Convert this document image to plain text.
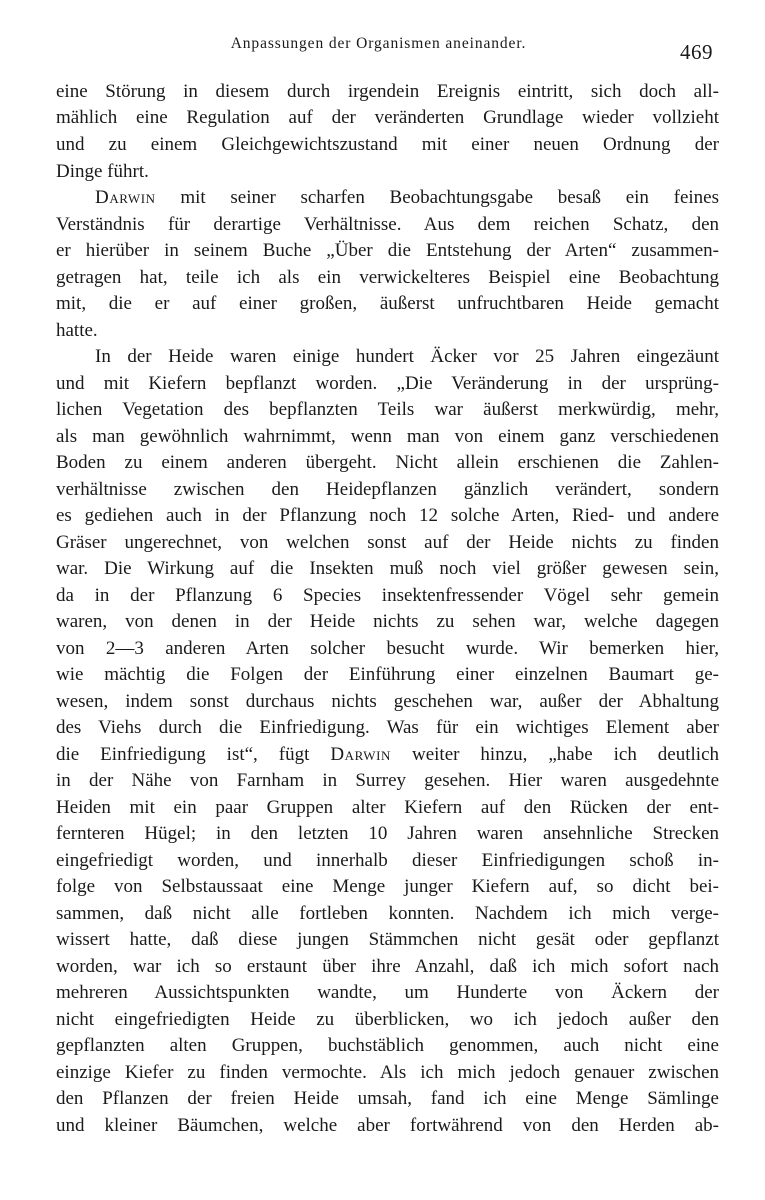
Anpassungen der Organismen aneinander.	469
eine Störung in diesem durch irgendein Ereignis eintritt, sich doch all-
mählich eine Regulation auf der veränderten Grundlage wieder vollzieht
und zu einem Gleichgewichtszustand mit einer neuen Ordnung der
Dinge führt.
Darwin mit seiner scharfen Beobachtungsgabe besaß ein feines
Verständnis für derartige Verhältnisse. Aus dem reichen Schatz, den
er hierüber in seinem Buche „Über die Entstehung der Arten“ zusammen-
getragen hat, teile ich als ein verwickelteres Beispiel eine Beobachtung
mit, die er auf einer großen, äußerst unfruchtbaren Heide gemacht
hatte.
In der Heide waren einige hundert Äcker vor 25 Jahren eingezäunt
und mit Kiefern bepflanzt worden. „Die Veränderung in der ursprüng-
lichen Vegetation des bepflanzten Teils war äußerst merkwürdig, mehr,
als man gewöhnlich wahrnimmt, wenn man von einem ganz verschiedenen
Boden zu einem anderen übergeht. Nicht allein erschienen die Zahlen-
verhältnisse zwischen den Heidepflanzen gänzlich verändert, sondern
es gediehen auch in der Pflanzung noch 12 solche Arten, Ried- und andere
Gräser ungerechnet, von welchen sonst auf der Heide nichts zu finden
war. Die Wirkung auf die Insekten muß noch viel größer gewesen sein,
da in der Pflanzung 6 Species insektenfressender Vögel sehr gemein
waren, von denen in der Heide nichts zu sehen war, welche dagegen
von 2—3 anderen Arten solcher besucht wurde. Wir bemerken hier,
wie mächtig die Folgen der Einführung einer einzelnen Baumart ge-
wesen, indem sonst durchaus nichts geschehen war, außer der Abhaltung
des Viehs durch die Einfriedigung. Was für ein wichtiges Element aber
die Einfriedigung ist“, fügt Darwin weiter hinzu, „habe ich deutlich
in der Nähe von Farnham in Surrey gesehen. Hier waren ausgedehnte
Heiden mit ein paar Gruppen alter Kiefern auf den Rücken der ent-
fernteren Hügel; in den letzten 10 Jahren waren ansehnliche Strecken
eingefriedigt worden, und innerhalb dieser Einfriedigungen schoß in-
folge von Selbstaussaat eine Menge junger Kiefern auf, so dicht bei-
sammen, daß nicht alle fortleben konnten. Nachdem ich mich verge-
wissert hatte, daß diese jungen Stämmchen nicht gesät oder gepflanzt
worden, war ich so erstaunt über ihre Anzahl, daß ich mich sofort nach
mehreren Aussichtspunkten wandte, um Hunderte von Äckern der
nicht eingefriedigten Heide zu überblicken, wo ich jedoch außer den
gepflanzten alten Gruppen, buchstäblich genommen, auch nicht eine
einzige Kiefer zu finden vermochte. Als ich mich jedoch genauer zwischen
den Pflanzen der freien Heide umsah, fand ich eine Menge Sämlinge
und kleiner Bäumchen, welche aber fortwährend von den Herden ab-
